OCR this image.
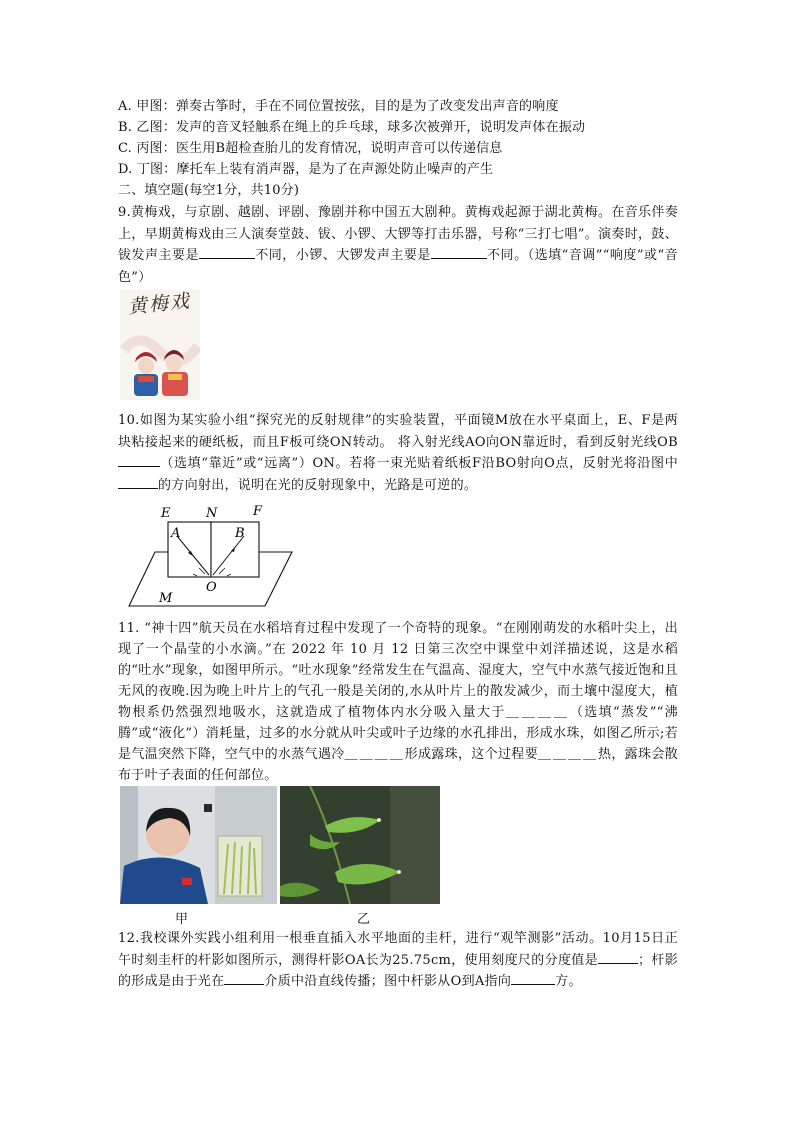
A. 甲图：弹奏古筝时，手在不同位置按弦，目的是为了改变发出声音的响度
B. 乙图：发声的音叉轻触系在绳上的乒乓球，球多次被弹开，说明发声体在振动
C. 丙图：医生用B超检查胎儿的发育情况，说明声音可以传递信息
D. 丁图：摩托车上装有消声器，是为了在声源处防止噪声的产生
二、填空题(每空1分，共10分)
9.黄梅戏，与京剧、越剧、评剧、豫剧并称中国五大剧种。黄梅戏起源于湖北黄梅。在音乐伴奏上，早期黄梅戏由三人演奏堂鼓、钹、小锣、大锣等打击乐器，号称“三打七唱”。演奏时，鼓、钹发声主要是	不同，小锣、大锣发声主要是	不同。（选填“音调”“响度”或“音色”）
黄梅戏
10.如图为某实验小组“探究光的反射规律”的实验装置，平面镜M放在水平桌面上，E、F是两块粘接起来的硬纸板，而且F板可绕ON转动。 将入射光线AO向ON靠近时，看到反射光线OB（选填“靠近”或“远离”）ON。若将一束光贴着纸板F沿BO射向O点，反射光将沿图中的方向射出，说明在光的反射现象中，光路是可逆的。
E	N	F
A	B
O
M
11. “神十四”航天员在水稻培育过程中发现了一个奇特的现象。“在刚刚萌发的水稻叶尖上，出现了一个晶莹的小水滴。”在 2022 年 10 月 12 日第三次空中课堂中刘洋描述说，这是水稻的“吐水”现象，如图甲所示。“吐水现象”经常发生在气温高、湿度大，空气中水蒸气接近饱和且无风的夜晚.因为晚上叶片上的气孔一般是关闭的,水从叶片上的散发减少，而土壤中湿度大，植物根系仍然强烈地吸水，这就造成了植物体内水分吸入量大于＿＿＿＿（选填“蒸发”“沸腾”或“液化”）消耗量，过多的水分就从叶尖或叶子边缘的水孔排出，形成水珠，如图乙所示;若是气温突然下降，空气中的水蒸气遇冷＿＿＿＿形成露珠，这个过程要＿＿＿＿热，露珠会散布于叶子表面的任何部位。
甲	乙
12.我校课外实践小组利用一根垂直插入水平地面的圭杆，进行“观竿测影”活动。10月15日正午时刻圭杆的杆影如图所示，测得杆影OA长为25.75cm，使用刻度尺的分度值是	；杆影的形成是由于光在	介质中沿直线传播；图中杆影从O到A指向	方。
